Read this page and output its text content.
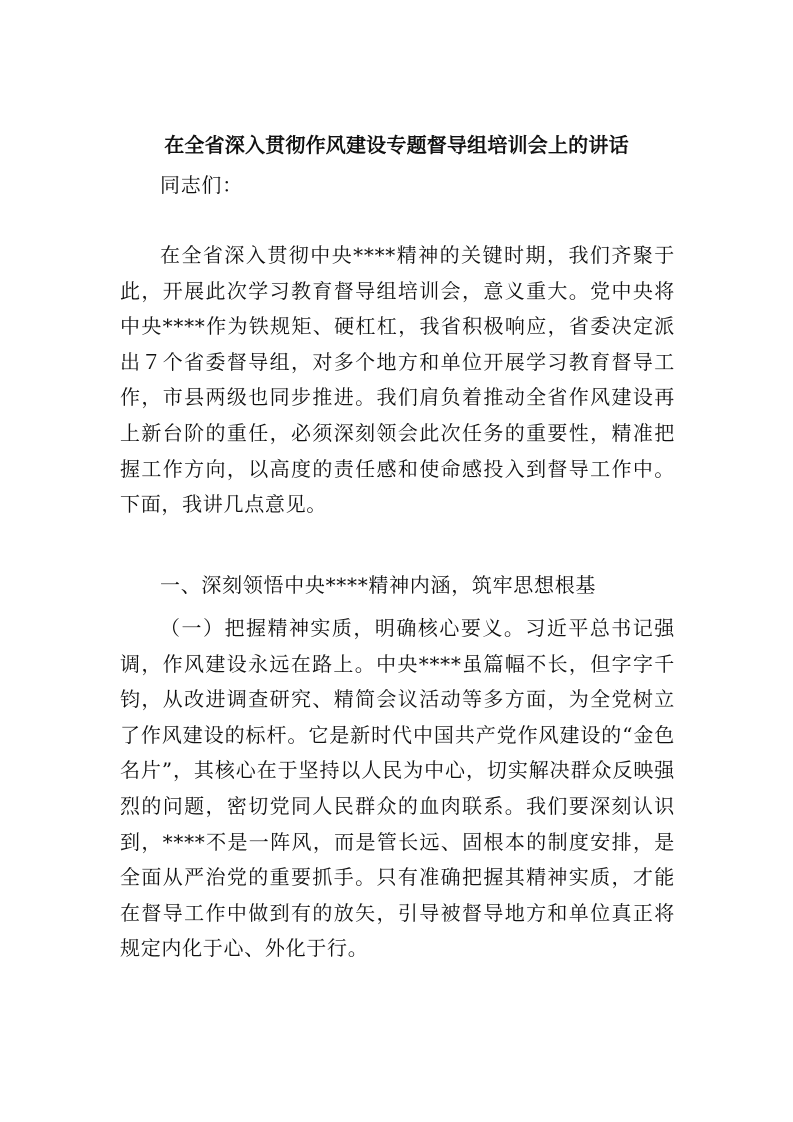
在全省深入贯彻作风建设专题督导组培训会上的讲话
同志们：
在全省深入贯彻中央****精神的关键时期，我们齐聚于此，开展此次学习教育督导组培训会，意义重大。党中央将中央****作为铁规矩、硬杠杠，我省积极响应，省委决定派出７个省委督导组，对多个地方和单位开展学习教育督导工作，市县两级也同步推进。我们肩负着推动全省作风建设再上新台阶的重任，必须深刻领会此次任务的重要性，精准把握工作方向，以高度的责任感和使命感投入到督导工作中。下面，我讲几点意见。
一、深刻领悟中央****精神内涵，筑牢思想根基
（一）把握精神实质，明确核心要义。习近平总书记强调，作风建设永远在路上。中央****虽篇幅不长，但字字千钧，从改进调查研究、精简会议活动等多方面，为全党树立了作风建设的标杆。它是新时代中国共产党作风建设的“金色名片”，其核心在于坚持以人民为中心，切实解决群众反映强烈的问题，密切党同人民群众的血肉联系。我们要深刻认识到，****不是一阵风，而是管长远、固根本的制度安排，是全面从严治党的重要抓手。只有准确把握其精神实质，才能在督导工作中做到有的放矢，引导被督导地方和单位真正将规定内化于心、外化于行。
